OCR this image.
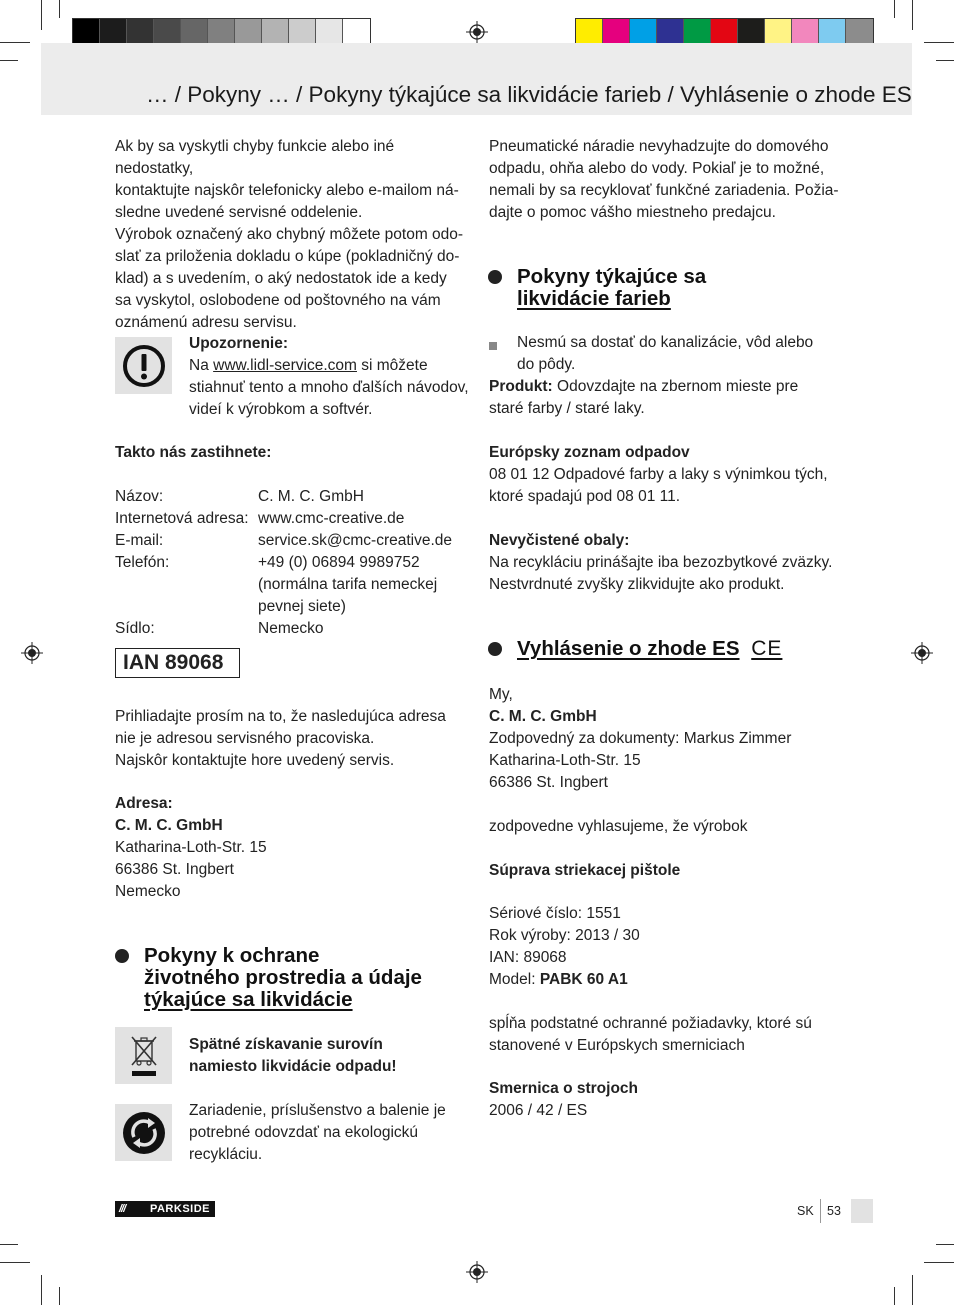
… / Pokyny … / Pokyny týkajúce sa likvidácie farieb / Vyhlásenie o zhode ES
Ak by sa vyskytli chyby funkcie alebo iné nedostatky,
kontaktujte najskôr telefonicky alebo e-mailom ná-
sledne uvedené servisné oddelenie.
Výrobok označený ako chybný môžete potom odo-
slať za priloženia dokladu o kúpe (pokladničný do-
klad) a s uvedením, o aký nedostatok ide a kedy
sa vyskytol, oslobodene od poštovného na vám
oznámenú adresu servisu.
Upozornenie:
Na www.lidl-service.com si môžete
stiahnuť tento a mnoho ďalších návodov,
videí k výrobkom a softvér.
Takto nás zastihnete:
Názov:	C. M. C. GmbH
Internetová adresa: www.cmc-creative.de
E-mail:	service.sk@cmc-creative.de
Telefón:	+49 (0) 06894 9989752
(normálna tarifa nemeckej
pevnej siete)
Sídlo:	Nemecko
IAN 89068
Prihliadajte prosím na to, že nasledujúca adresa
nie je adresou servisného pracoviska.
Najskôr kontaktujte hore uvedený servis.
Adresa:
C. M. C. GmbH
Katharina-Loth-Str. 15
66386 St. Ingbert
Nemecko
Pokyny k ochrane
životného prostredia a údaje
týkajúce sa likvidácie
Spätné získavanie surovín
namiesto likvidácie odpadu!
Zariadenie, príslušenstvo a balenie je
potrebné odovzdať na ekologickú
recykláciu.
Pneumatické náradie nevyhadzujte do domového
odpadu, ohňa alebo do vody. Pokiaľ je to možné,
nemali by sa recyklovať funkčné zariadenia. Požia-
dajte o pomoc vášho miestneho predajcu.
Pokyny týkajúce sa
likvidácie farieb
Nesmú sa dostať do kanalizácie, vôd alebo
do pôdy.
Produkt: Odovzdajte na zbernom mieste pre
staré farby / staré laky.
Európsky zoznam odpadov
08 01 12 Odpadové farby a laky s výnimkou tých,
ktoré spadajú pod 08 01 11.
Nevyčistené obaly:
Na recykláciu prinášajte iba bezozbytkové zväzky.
Nestvrdnuté zvyšky zlikvidujte ako produkt.
Vyhlásenie o zhode ES CE
My,
C. M. C. GmbH
Zodpovedný za dokumenty: Markus Zimmer
Katharina-Loth-Str. 15
66386 St. Ingbert
zodpovedne vyhlasujeme, že výrobok
Súprava striekacej pištole
Sériové číslo: 1551
Rok výroby: 2013 / 30
IAN: 89068
Model: PABK 60 A1
spĺňa podstatné ochranné požiadavky, ktoré sú
stanovené v Európskych smerniciach
Smernica o strojoch
2006 / 42 / ES
/// PARKSIDE	SK 53
